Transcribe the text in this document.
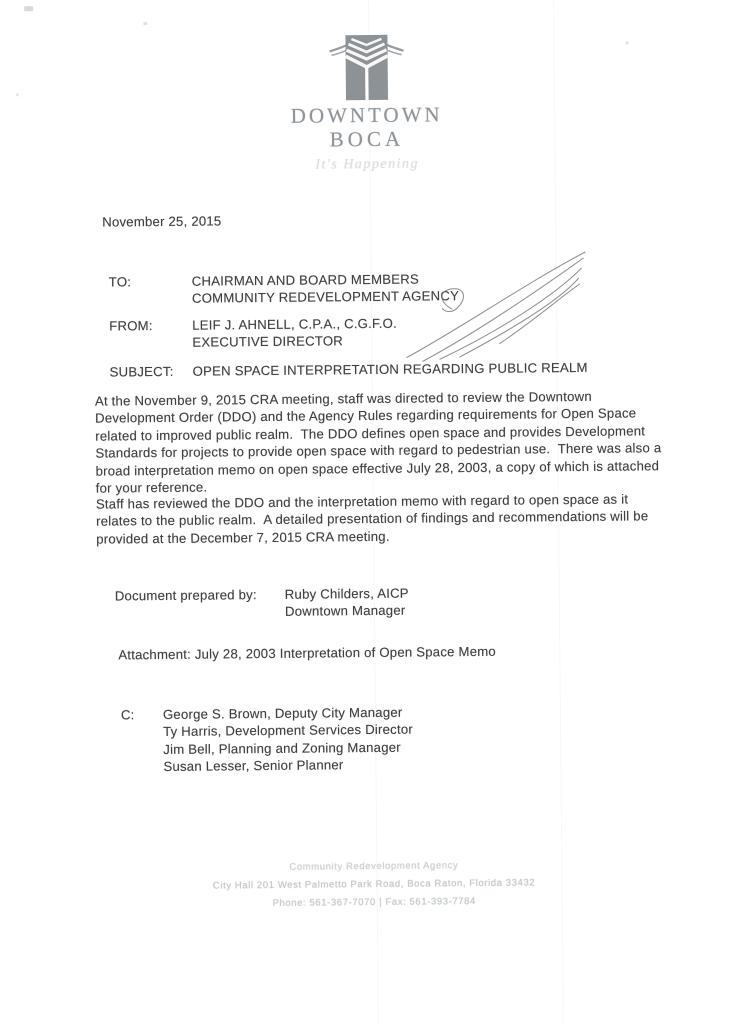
DOWNTOWN
BOCA
It's Happening
November 25, 2015
TO:	CHAIRMAN AND BOARD MEMBERS
COMMUNITY REDEVELOPMENT AGENCY
FROM:	LEIF J. AHNELL, C.P.A., C.G.F.O.
EXECUTIVE DIRECTOR
SUBJECT:	OPEN SPACE INTERPRETATION REGARDING PUBLIC REALM
At the November 9, 2015 CRA meeting, staff was directed to review the Downtown Development Order (DDO) and the Agency Rules regarding requirements for Open Space related to improved public realm.  The DDO defines open space and provides Development Standards for projects to provide open space with regard to pedestrian use.  There was also a broad interpretation memo on open space effective July 28, 2003, a copy of which is attached for your reference.
Staff has reviewed the DDO and the interpretation memo with regard to open space as it relates to the public realm.  A detailed presentation of findings and recommendations will be provided at the December 7, 2015 CRA meeting.
Document prepared by:	Ruby Childers, AICP
Downtown Manager
Attachment: July 28, 2003 Interpretation of Open Space Memo
C:	George S. Brown, Deputy City Manager
Ty Harris, Development Services Director
Jim Bell, Planning and Zoning Manager
Susan Lesser, Senior Planner
Community Redevelopment Agency
City Hall 201 West Palmetto Park Road, Boca Raton, Florida 33432
Phone: 561-367-7070 | Fax: 561-393-7784
